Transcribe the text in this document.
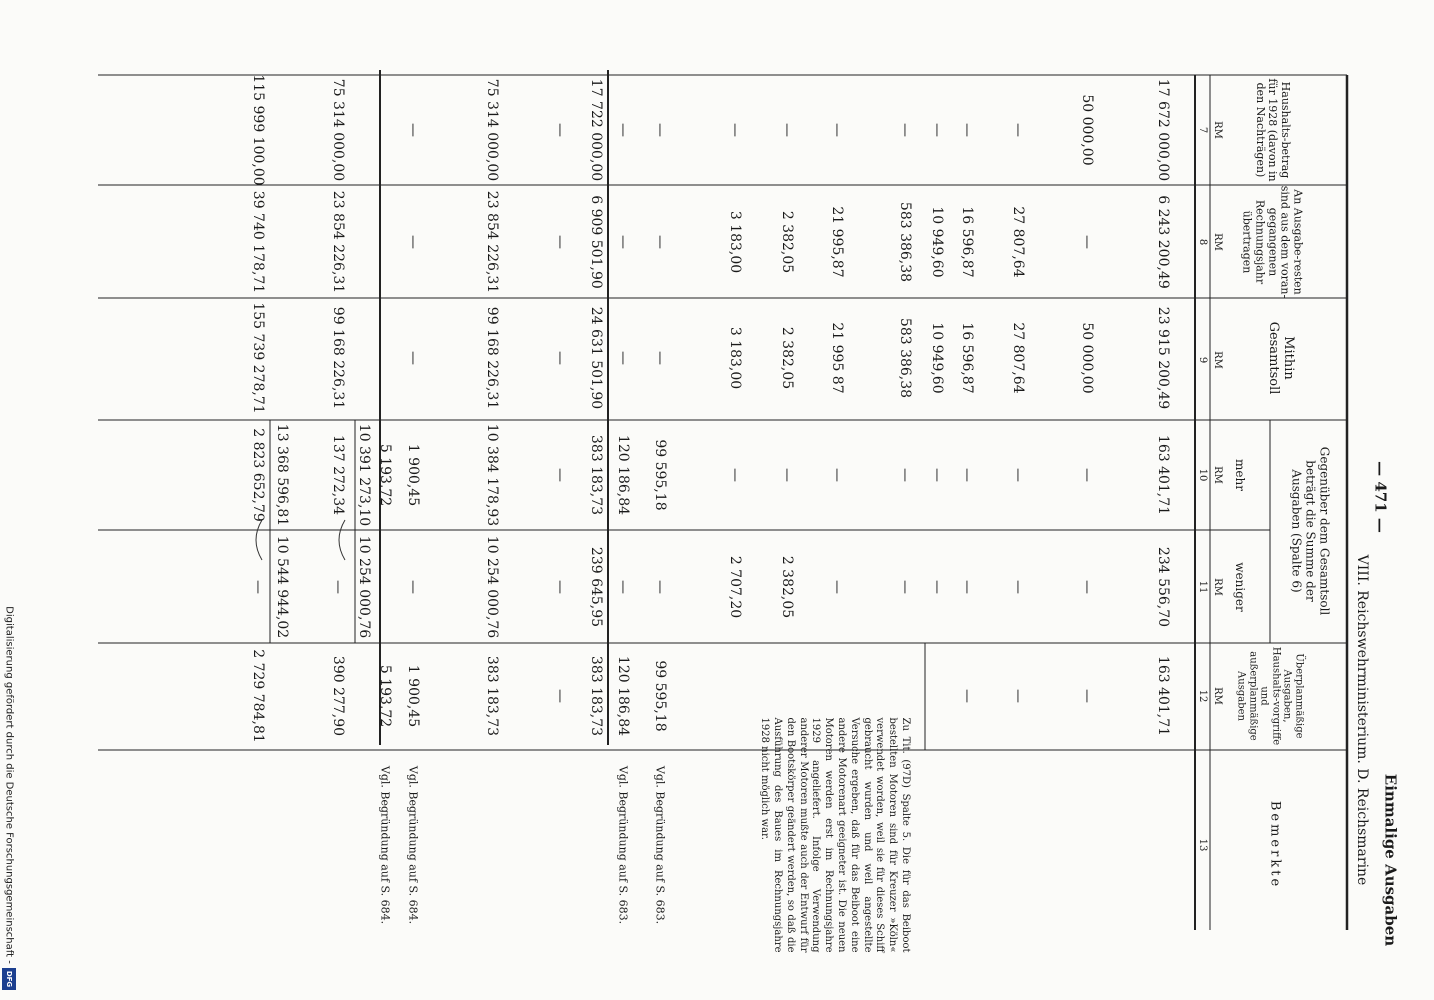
— 471 —
Einmalige Ausgaben
VIII. Reichswehrministerium. D. Reichsmarine
Haushalts-betrag für 1928 (davon in den Nachträgen)
An Ausgabe-resten sind aus dem voran-gegangenen Rechnungsjahr übertragen
Mithin Gesamtsoll
Gegenüber dem Gesamtsoll beträgt die Summe der Ausgaben (Spalte 6)
mehr
weniger
Überplanmäßige Ausgaben, Haushalts-vorgriffe und außerplanmäßige Ausgaben
Bemerkte
RM
7
RM
8
RM
9
RM
10
RM
11
RM
12
13
17 672 000,00
6 243 200,49
23 915 200,49
163 401,71
234 556,70
163 401,71
50 000,00
—
50 000,00
—
—
—
—
27 807,64
27 807,64
—
—
—
—
16 596,87
16 596,87
—
—
—
—
10 949,60
10 949,60
—
—
—
583 386,38
583 386,38
—
—
—
21 995,87
21 995 87
—
—
—
2 382,05
2 382,05
—
2 382,05
—
3 183,00
3 183,00
—
2 707,20
—
—
—
99 595,18
—
99 595,18
Vgl. Begründung auf S. 683.
—
—
—
120 186,84
—
120 186,84
Vgl. Begründung auf S. 683.
17 722 000,00
6 909 501,90
24 631 501,90
383 183,73
239 645,95
383 183,73
—
—
—
—
—
—
75 314 000,00
23 854 226,31
99 168 226,31
10 384 178,93
10 254 000,76
383 183,73
—
—
—
1 900,45
—
1 900,45
Vgl. Begründung auf S. 684.
5 193,72
5 193,72
Vgl. Begründung auf S. 684.
10 391 273,10
10 254 000,76
75 314 000,00
23 854 226,31
99 168 226,31
137 272,34
—
390 277,90
13 368 596,81
10 544 944,02
115 999 100,00
39 740 178,71
155 739 278,71
2 823 652,79
—
2 729 784,81
Zu Tit. (97D) Spalte 5. Die für das Beiboot bestellten Motoren sind für Kreuzer »Köln« verwendet worden, weil sie für dieses Schiff gebraucht wurden und weil angestellte Versuche ergeben, daß für das Beiboot eine andere Motorenart geeigneter ist. Die neuen Motoren werden erst im Rechnungsjahre 1929 angeliefert. Infolge Verwendung anderer Motoren mußte auch der Entwurf für den Bootskörper geändert werden, so daß die Ausführung des Baues im Rechnungsjahre 1928 nicht möglich war.
Digitalisierung gefördert durch die Deutsche Forschungsgemeinschaft -
DFG
